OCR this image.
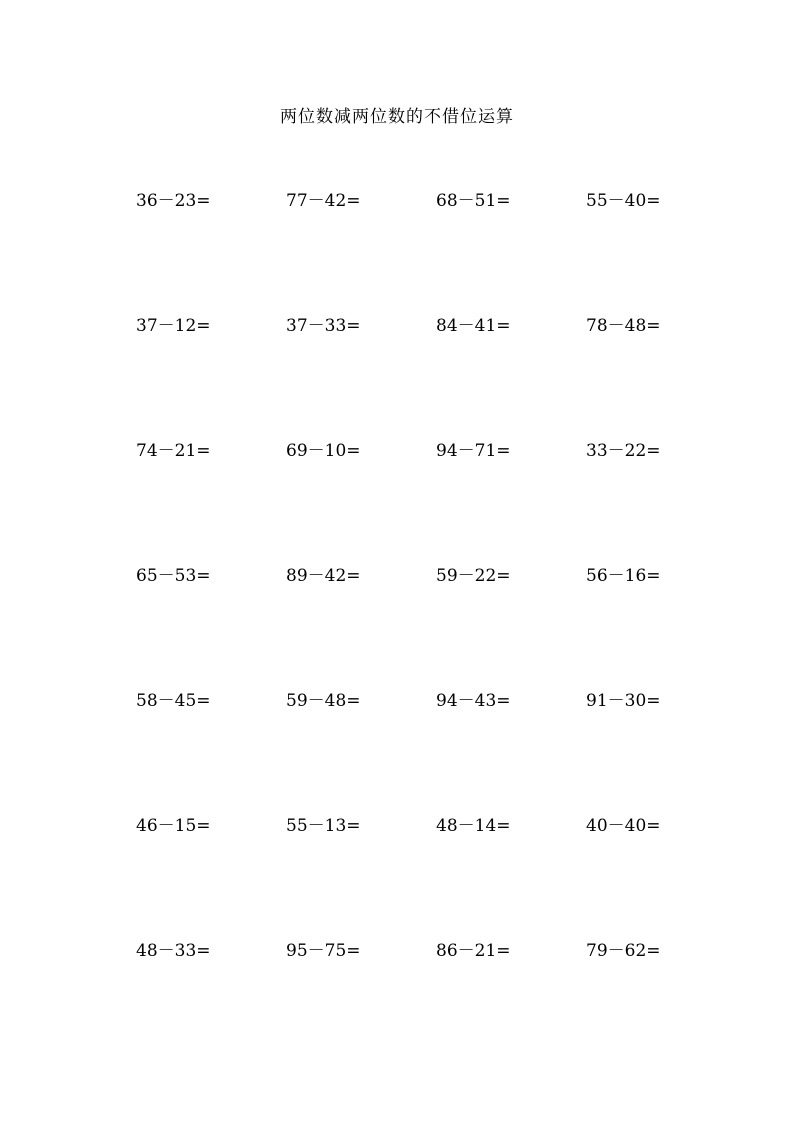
两位数减两位数的不借位运算
36－23=	77－42=	68－51=	55－40=
37－12=	37－33=	84－41=	78－48=
74－21=	69－10=	94－71=	33－22=
65－53=	89－42=	59－22=	56－16=
58－45=	59－48=	94－43=	91－30=
46－15=	55－13=	48－14=	40－40=
48－33=	95－75=	86－21=	79－62=
